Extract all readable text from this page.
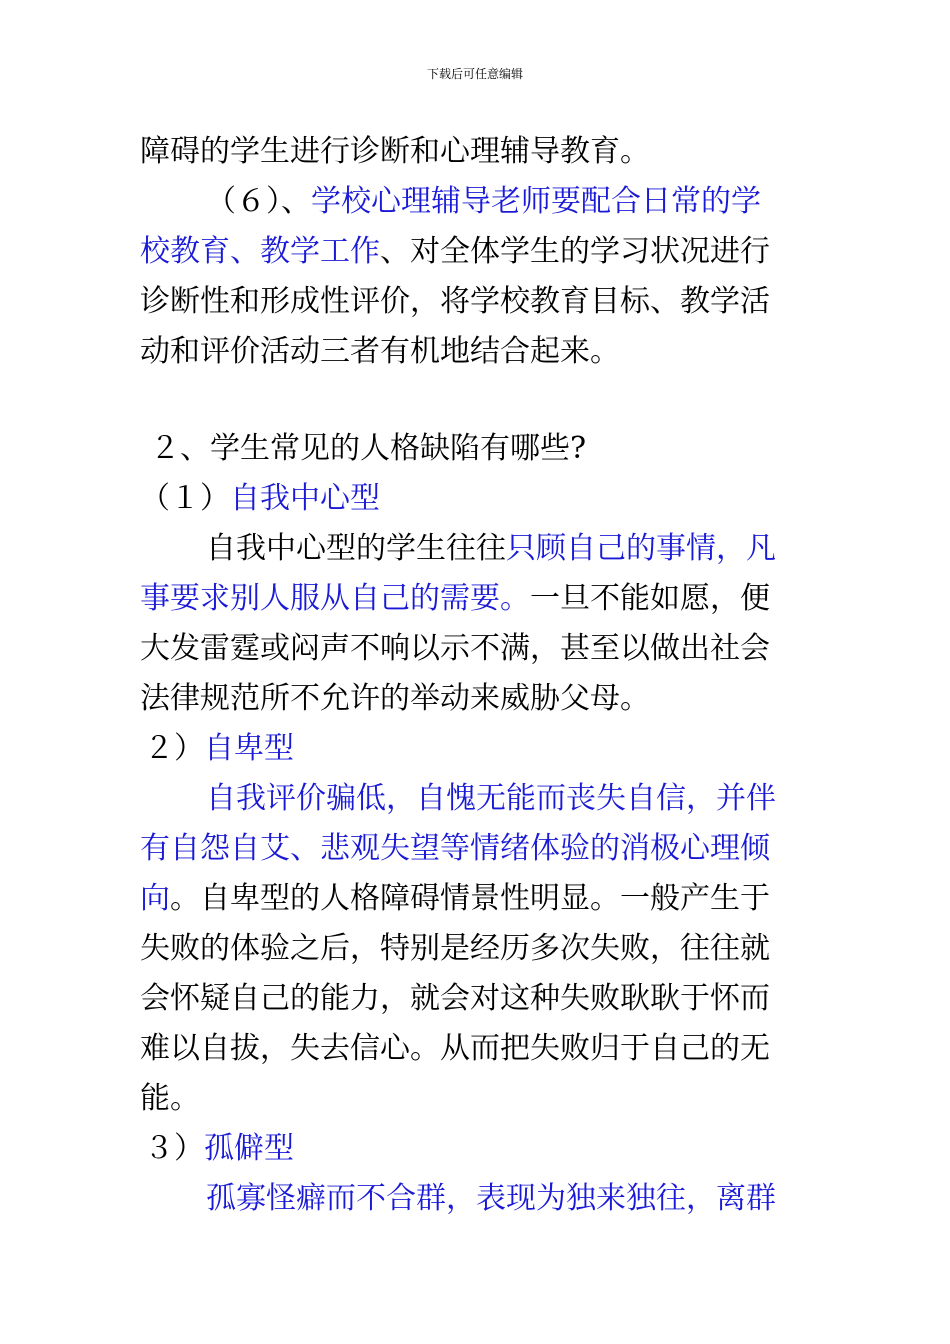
下载后可任意编辑
障碍的学生进行诊断和心理辅导教育。
（６）、学校心理辅导老师要配合日常的学
校教育、教学工作、对全体学生的学习状况进行
诊断性和形成性评价，将学校教育目标、教学活
动和评价活动三者有机地结合起来。
２、学生常见的人格缺陷有哪些?
（１）自我中心型
自我中心型的学生往往只顾自己的事情，凡
事要求别人服从自己的需要。一旦不能如愿，便
大发雷霆或闷声不响以示不满，甚至以做出社会
法律规范所不允许的举动来威胁父母。
２）自卑型
自我评价骗低，自愧无能而丧失自信，并伴
有自怨自艾、悲观失望等情绪体验的消极心理倾
向。自卑型的人格障碍情景性明显。一般产生于
失败的体验之后，特别是经历多次失败，往往就
会怀疑自己的能力，就会对这种失败耿耿于怀而
难以自拔，失去信心。从而把失败归于自己的无
能。
３）孤僻型
孤寡怪癖而不合群，表现为独来独往，离群
